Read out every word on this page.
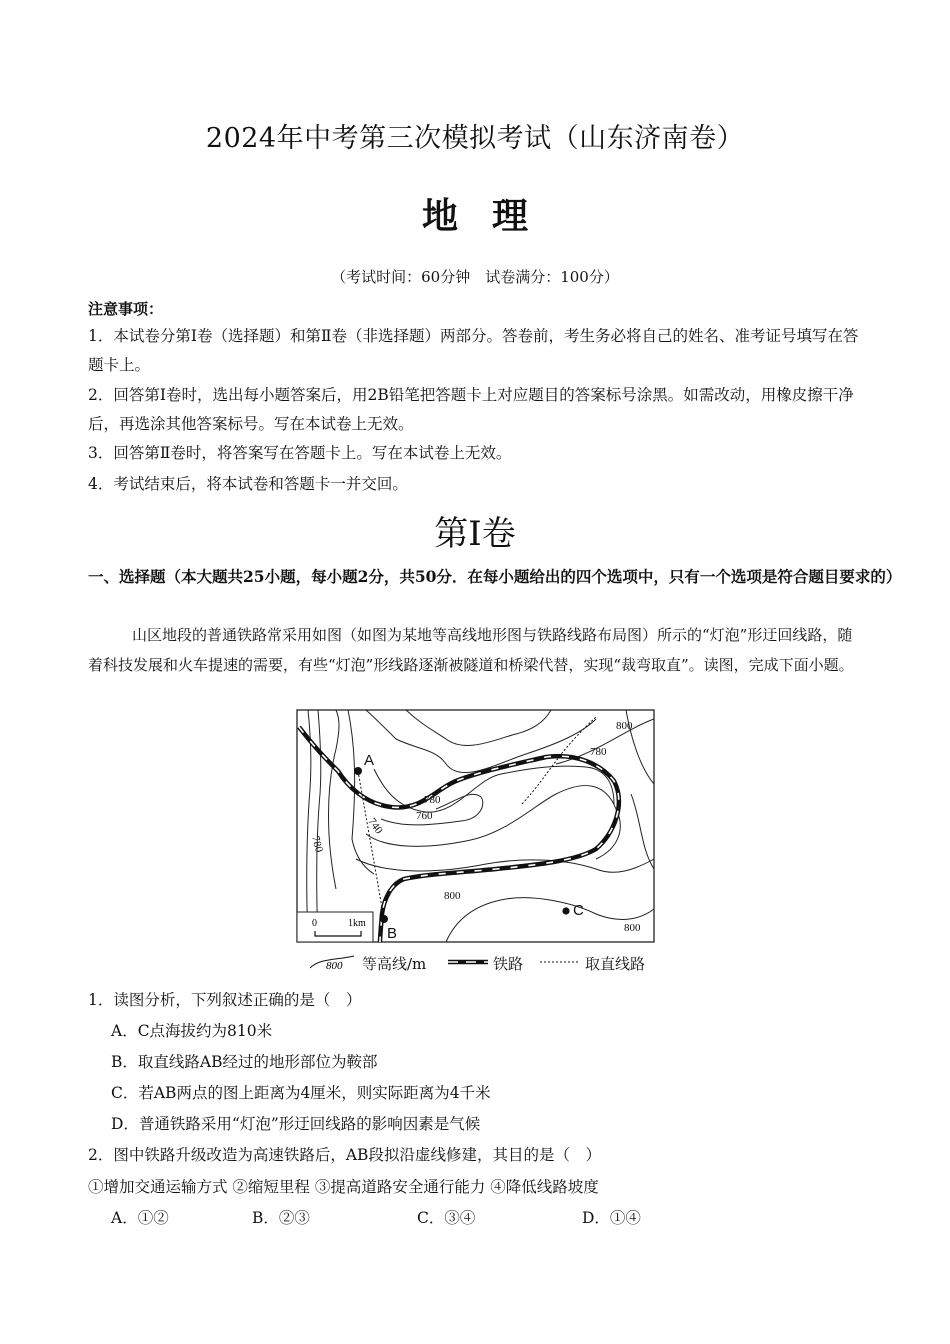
2024年中考第三次模拟考试（山东济南卷）
地理
（考试时间：60分钟　试卷满分：100分）
注意事项：
1．本试卷分第Ⅰ卷（选择题）和第Ⅱ卷（非选择题）两部分。答卷前，考生务必将自己的姓名、准考证号填写在答题卡上。
2．回答第Ⅰ卷时，选出每小题答案后，用2B铅笔把答题卡上对应题目的答案标号涂黑。如需改动，用橡皮擦干净后，再选涂其他答案标号。写在本试卷上无效。
3．回答第Ⅱ卷时，将答案写在答题卡上。写在本试卷上无效。
4．考试结束后，将本试卷和答题卡一并交回。
第Ⅰ卷
一、选择题（本大题共25小题，每小题2分，共50分．在每小题给出的四个选项中，只有一个选项是符合题目要求的）
山区地段的普通铁路常采用如图（如图为某地等高线地形图与铁路线路布局图）所示的“灯泡”形迂回线路，随着科技发展和火车提速的需要，有些“灯泡”形线路逐渐被隧道和桥梁代替，实现“裁弯取直”。读图，完成下面小题。
A
B
C
800
780
780
760
740
780
800
800
0	1km
800 等高线/m	铁路	取直线路
1．读图分析，下列叙述正确的是（　）
A．C点海拔约为810米
B．取直线路AB经过的地形部位为鞍部
C．若AB两点的图上距离为4厘米，则实际距离为4千米
D．普通铁路采用“灯泡”形迂回线路的影响因素是气候
2．图中铁路升级改造为高速铁路后，AB段拟沿虚线修建，其目的是（　）
①增加交通运输方式 ②缩短里程 ③提高道路安全通行能力 ④降低线路坡度
A．①②	B．②③	C．③④	D．①④
